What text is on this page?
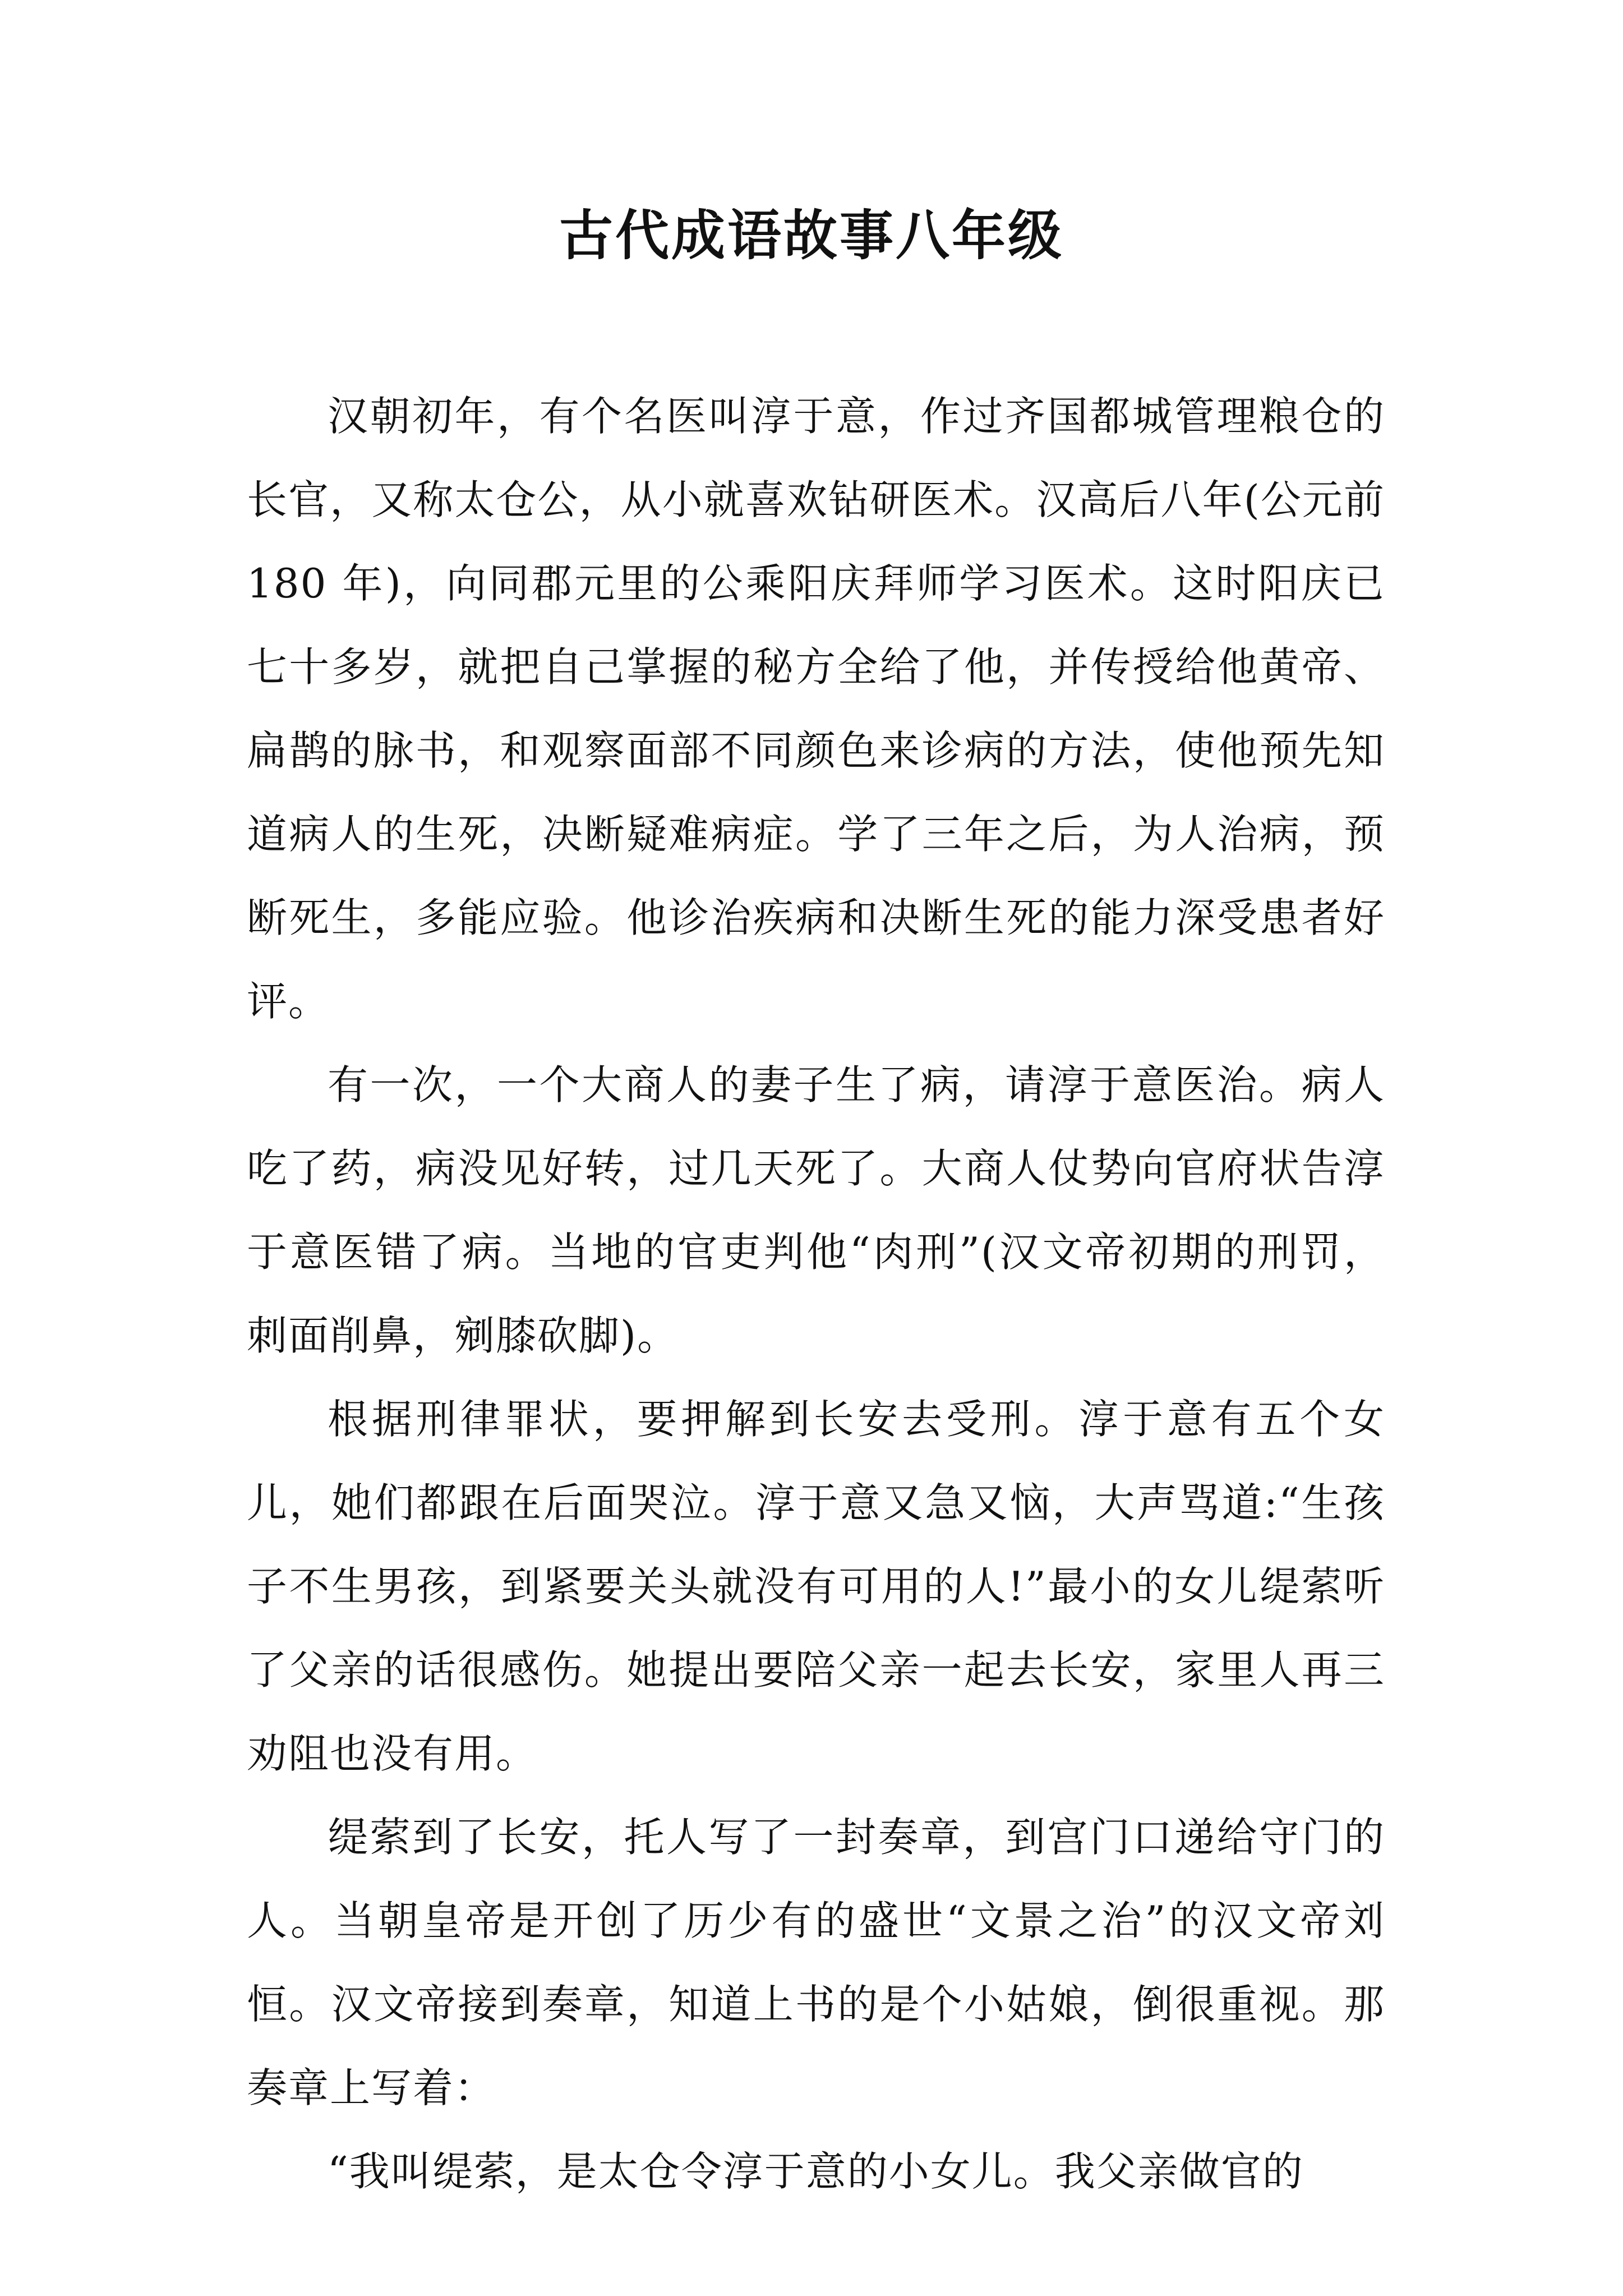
古代成语故事八年级

汉朝初年，有个名医叫淳于意，作过齐国都城管理粮仓的长官，又称太仓公，从小就喜欢钻研医术。汉高后八年(公元前 180 年)，向同郡元里的公乘阳庆拜师学习医术。这时阳庆已七十多岁，就把自己掌握的秘方全给了他，并传授给他黄帝、扁鹊的脉书，和观察面部不同颜色来诊病的方法，使他预先知道病人的生死，决断疑难病症。学了三年之后，为人治病，预断死生，多能应验。他诊治疾病和决断生死的能力深受患者好评。

有一次，一个大商人的妻子生了病，请淳于意医治。病人吃了药，病没见好转，过几天死了。大商人仗势向官府状告淳于意医错了病。当地的官吏判他“肉刑”(汉文帝初期的刑罚，刺面削鼻，剜膝砍脚)。

根据刑律罪状，要押解到长安去受刑。淳于意有五个女儿，她们都跟在后面哭泣。淳于意又急又恼，大声骂道:“生孩子不生男孩，到紧要关头就没有可用的人!”最小的女儿缇萦听了父亲的话很感伤。她提出要陪父亲一起去长安，家里人再三劝阻也没有用。

缇萦到了长安，托人写了一封奏章，到宫门口递给守门的人。当朝皇帝是开创了历少有的盛世“文景之治”的汉文帝刘恒。汉文帝接到奏章，知道上书的是个小姑娘，倒很重视。那奏章上写着：

“我叫缇萦，是太仓令淳于意的小女儿。我父亲做官的
